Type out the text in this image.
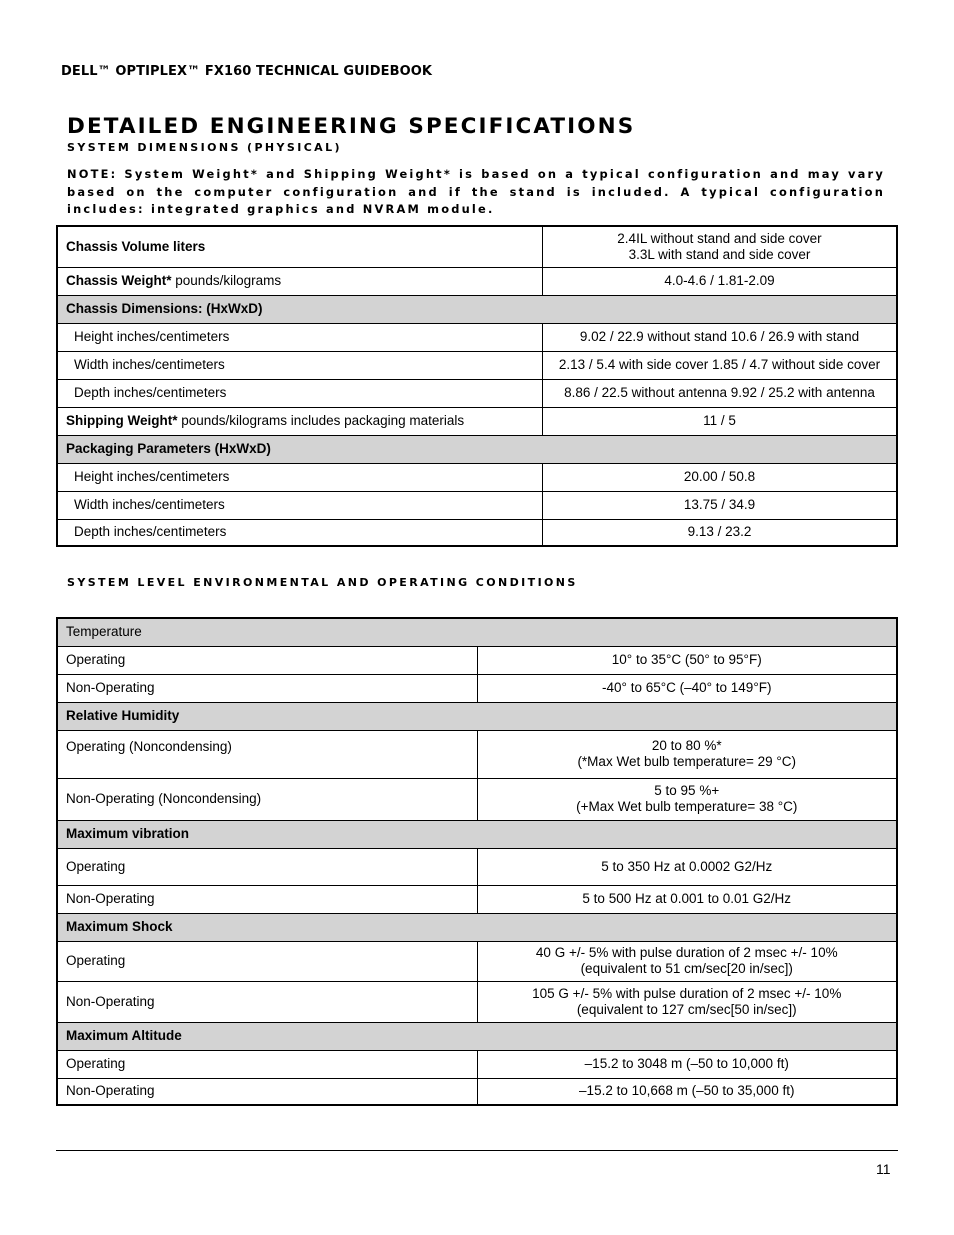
DELL™ OPTIPLEX™ FX160 TECHNICAL GUIDEBOOK
DETAILED ENGINEERING SPECIFICATIONS
SYSTEM DIMENSIONS (PHYSICAL)

NOTE: System Weight* and Shipping Weight* is based on a typical configuration and may vary based on the computer configuration and if the stand is included. A typical configuration includes: integrated graphics and NVRAM module.

Chassis Volume liters	2.4IL without stand and side cover
3.3L with stand and side cover

Chassis Weight* pounds/kilograms	4.0-4.6 / 1.81-2.09
Chassis Dimensions: (HxWxD)	
Height inches/centimeters	9.02 / 22.9 without stand 10.6 / 26.9 with stand
Width inches/centimeters	2.13 / 5.4 with side cover 1.85 / 4.7 without side cover
Depth inches/centimeters	8.86 / 22.5 without antenna 9.92 / 25.2 with antenna
Shipping Weight* pounds/kilograms includes packaging materials	11 / 5
Packaging Parameters (HxWxD)	
Height inches/centimeters	20.00 / 50.8
Width inches/centimeters	13.75 / 34.9
Depth inches/centimeters	9.13 / 23.2
SYSTEM LEVEL ENVIRONMENTAL AND OPERATING CONDITIONS
Temperature	
Operating	10° to 35°C (50° to 95°F)
Non-Operating	-40° to 65°C (–40° to 149°F)
Relative Humidity	
Operating (Noncondensing)	20 to 80 %*
(*Max Wet bulb temperature= 29 °C)

Non-Operating (Noncondensing)	5 to 95 %+
(+Max Wet bulb temperature= 38 °C)

Maximum vibration	
Operating	5 to 350 Hz at 0.0002 G2/Hz
Non-Operating	5 to 500 Hz at 0.001 to 0.01 G2/Hz
Maximum Shock	
Operating	40 G +/- 5% with pulse duration of 2 msec +/- 10%
(equivalent to 51 cm/sec[20 in/sec])

Non-Operating	105 G +/- 5% with pulse duration of 2 msec +/- 10%
(equivalent to 127 cm/sec[50 in/sec])

Maximum Altitude	
Operating	–15.2 to 3048 m (–50 to 10,000 ft)
Non-Operating	–15.2 to 10,668 m (–50 to 35,000 ft)
11
